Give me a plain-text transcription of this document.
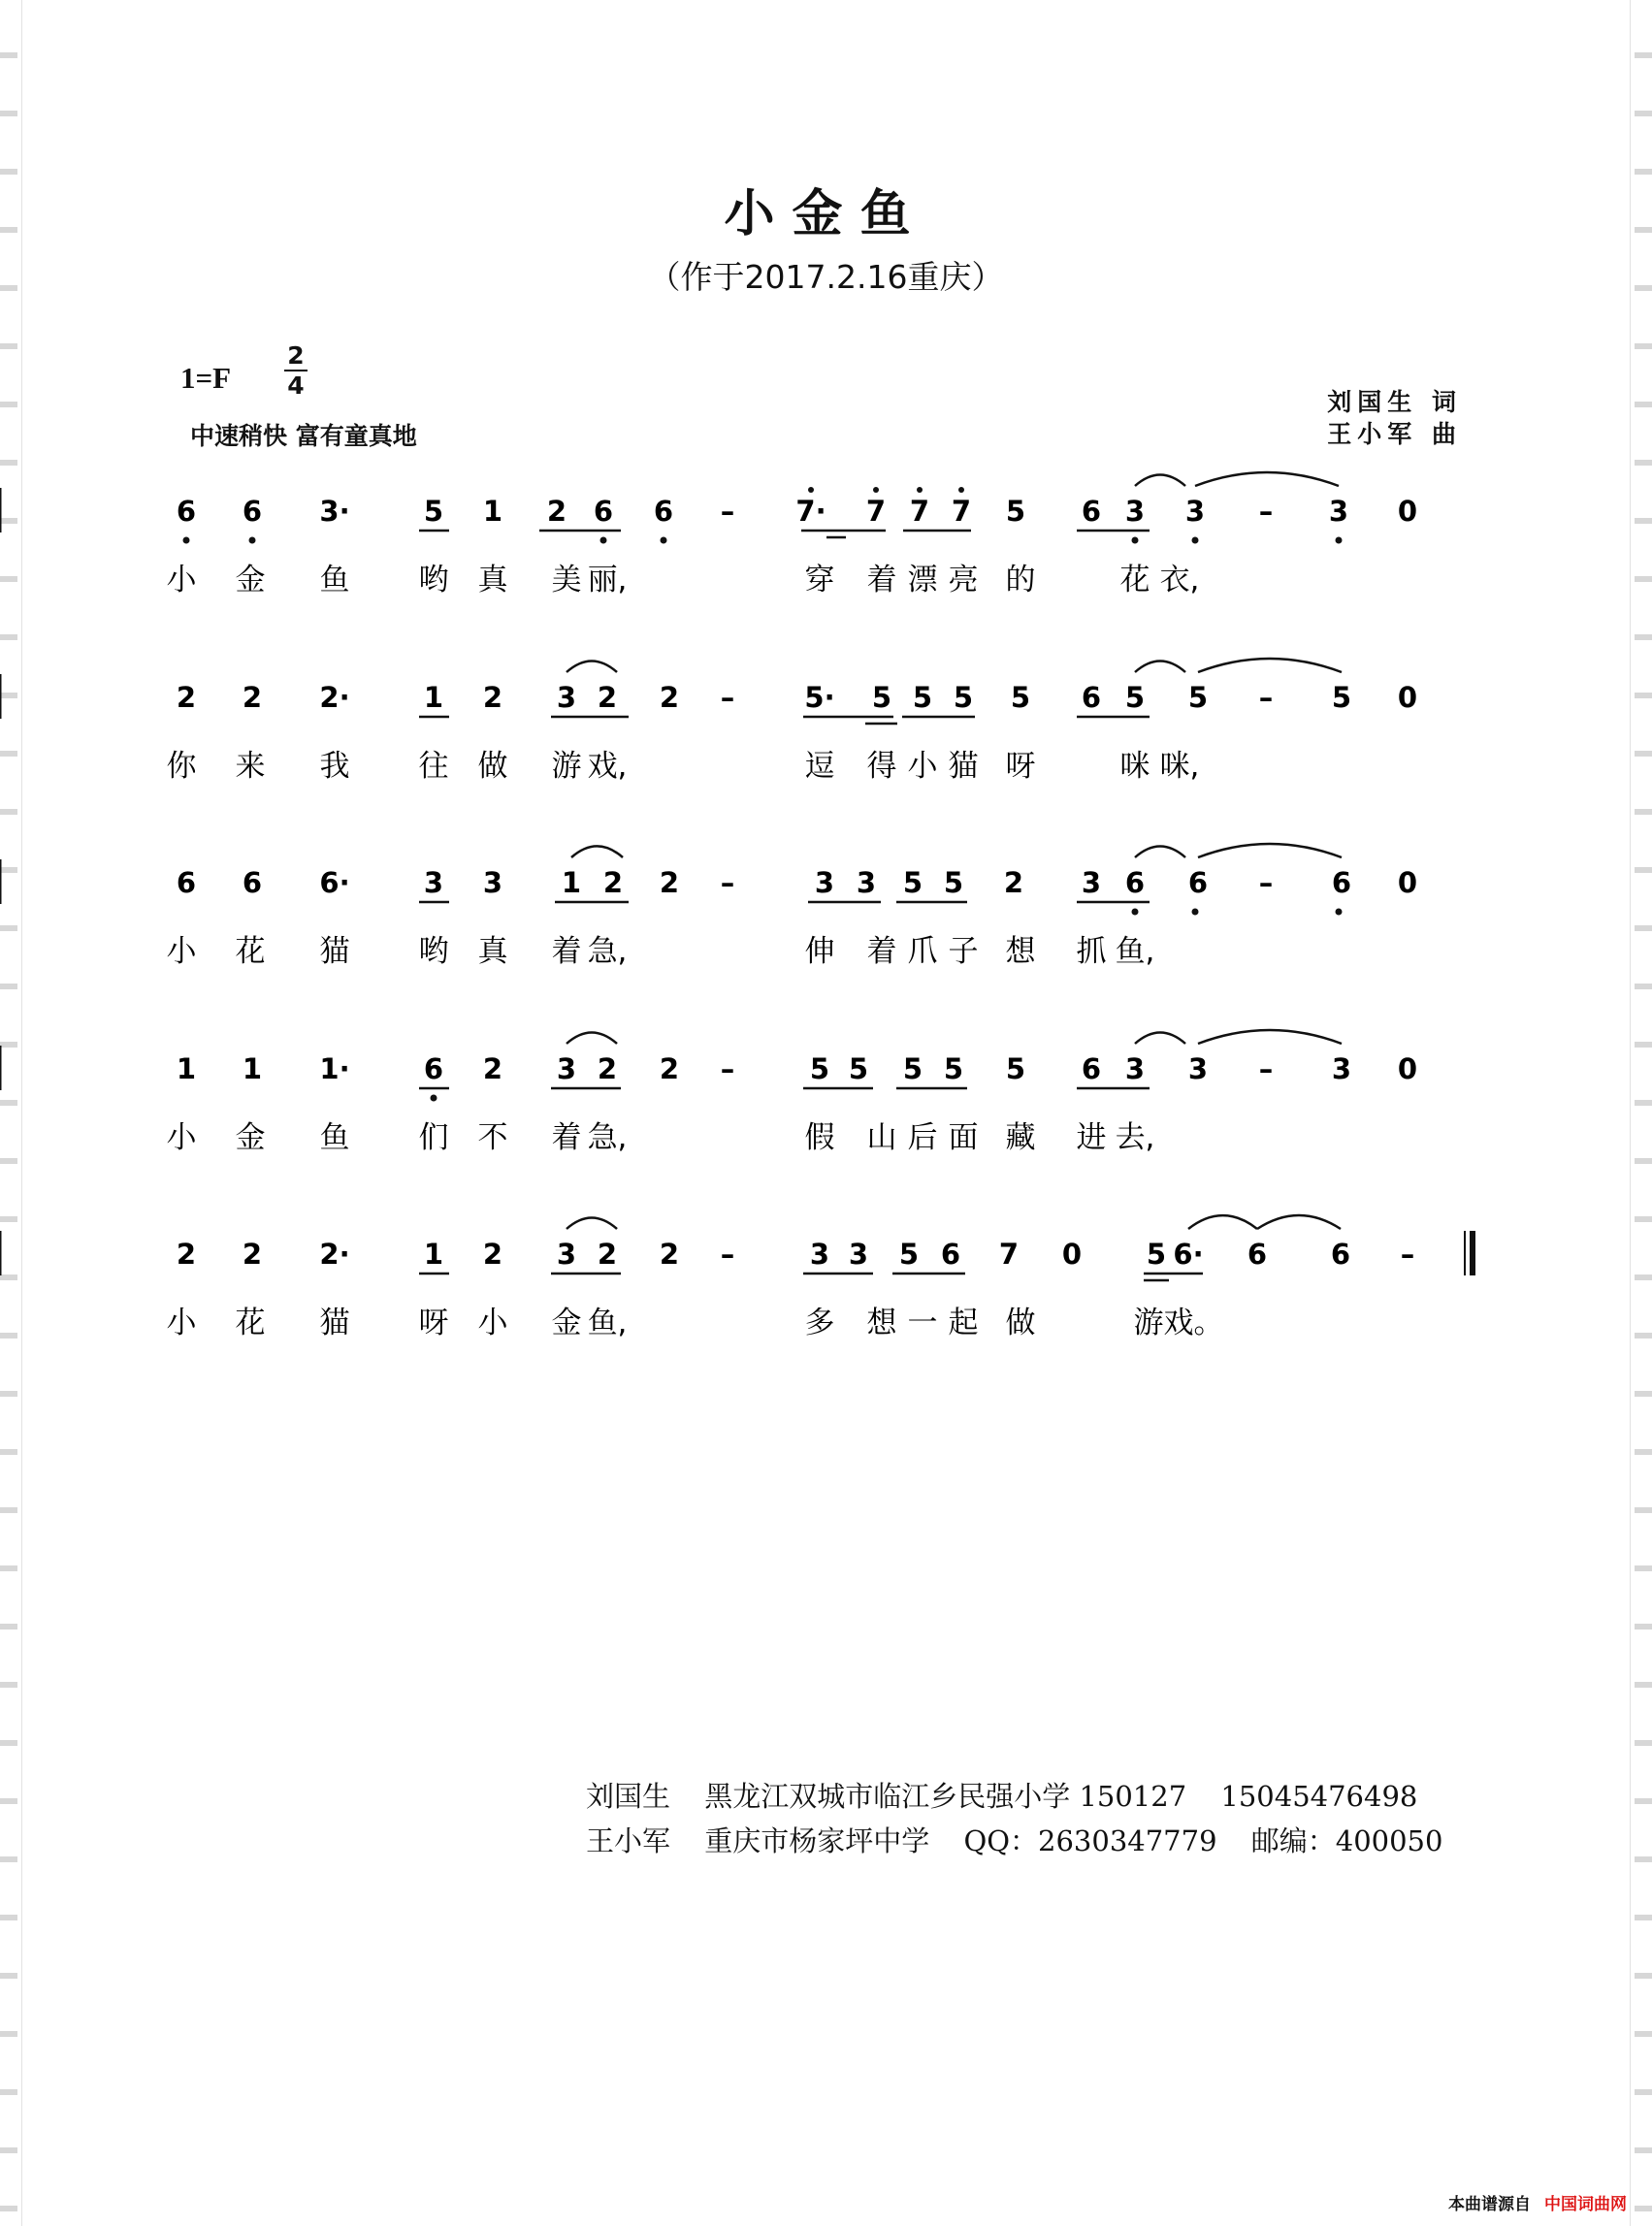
小金鱼
（作于2017.2.16重庆）
1=F
2
4
中速稍快 富有童真地
刘国生 词
王小军 曲
6 6 3·	5 1 2 6 6 – 7· 7 7 7 5 6 3 3 – 3 0
小 金 鱼 哟 真 美 丽,	穿 着 漂 亮 的	花 衣,
2 2 2·	1 2 3 2 2 – 5· 5 5 5 5 6 5 5 – 5 0
你 来 我 往 做 游 戏,	逗 得 小 猫 呀	咪 咪,
6 6 6·	3 3 1 2 2 –	3 3 5 5 2 3 6 6 – 6 0
小 花 猫 哟 真 着 急,	伸 着 爪 子 想 抓 鱼,
1 1 1·	6 2 3 2 2 –	5 5 5 5 5 6 3 3 – 3 0
小 金 鱼 们 不 着 急,	假 山 后 面 藏 进 去,
2 2 2·	1 2 3 2 2 –	3 3 5 6 7 0 5 6· 6 6 –
小 花 猫 呀 小 金 鱼,	多 想 一 起 做	游戏。
刘国生 黑龙江双城市临江乡民强小学 150127 15045476498
王小军 重庆市杨家坪中学 QQ：2630347779 邮编：400050
本曲谱源自 中国词曲网
